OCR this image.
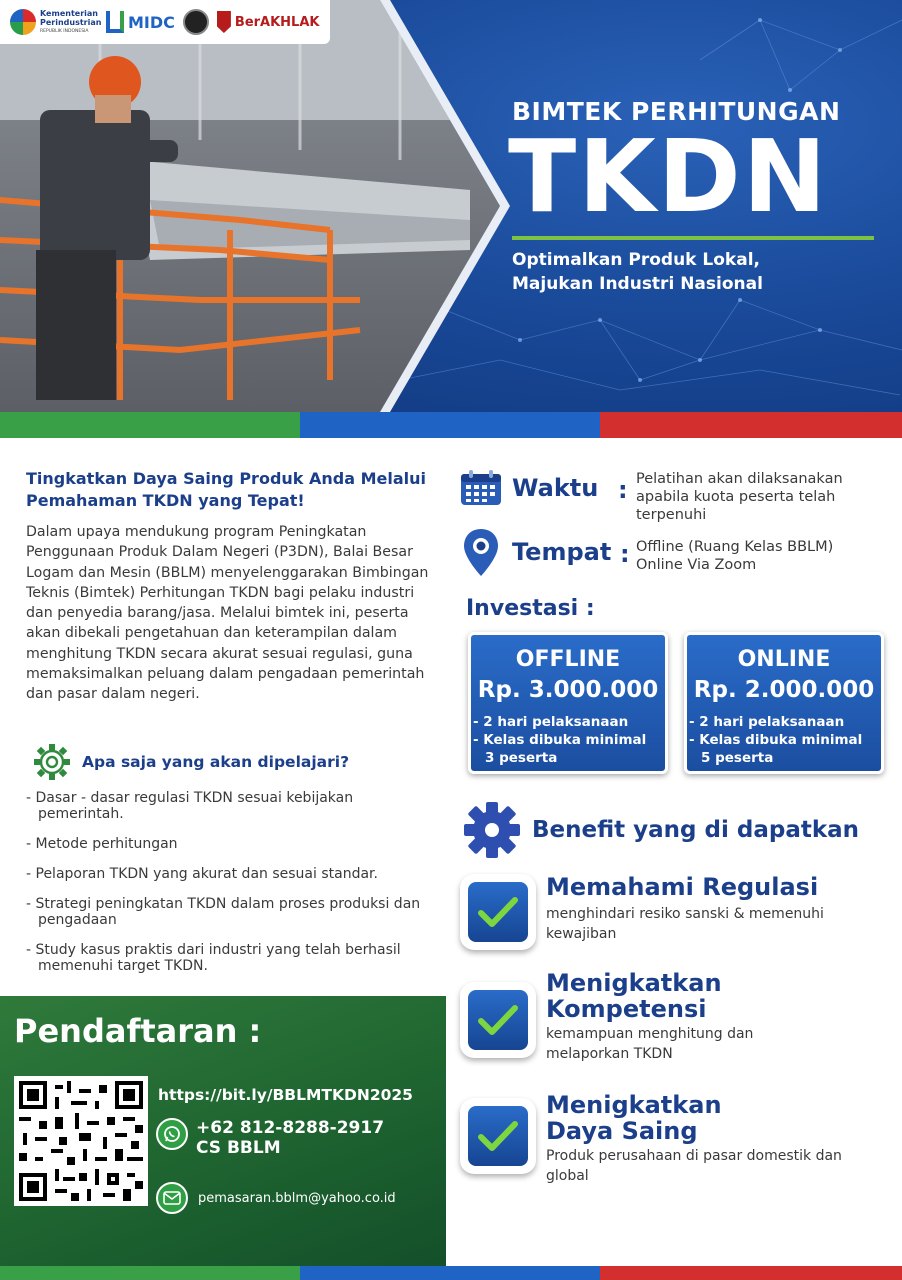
Kementerian Perindustrian
REPUBLIK INDONESIA	MIDC	BerAKHLAK
BIMTEK PERHITUNGAN
TKDN
Optimalkan Produk Lokal,
Majukan Industri Nasional
Tingkatkan Daya Saing Produk Anda Melalui Pemahaman TKDN yang Tepat!
Dalam upaya mendukung program Peningkatan Penggunaan Produk Dalam Negeri (P3DN), Balai Besar Logam dan Mesin (BBLM) menyelenggarakan Bimbingan Teknis (Bimtek) Perhitungan TKDN bagi pelaku industri dan penyedia barang/jasa. Melalui bimtek ini, peserta akan dibekali pengetahuan dan keterampilan dalam menghitung TKDN secara akurat sesuai regulasi, guna memaksimalkan peluang dalam pengadaan pemerintah dan pasar dalam negeri.
Apa saja yang akan dipelajari?
- Dasar - dasar regulasi TKDN sesuai kebijakan pemerintah.
- Metode perhitungan
- Pelaporan TKDN yang akurat dan sesuai standar.
- Strategi peningkatan TKDN dalam proses produksi dan pengadaan
- Study kasus praktis dari industri yang telah berhasil memenuhi target TKDN.
Pendaftaran :
https://bit.ly/BBLMTKDN2025
+62 812-8288-2917
CS BBLM
pemasaran.bblm@yahoo.co.id
Waktu : Pelatihan akan dilaksanakan apabila kuota peserta telah terpenuhi
Tempat : Offline (Ruang Kelas BBLM)
Online Via Zoom
Investasi :
OFFLINE
Rp. 3.000.000
- 2 hari pelaksanaan
- Kelas dibuka minimal
3 peserta
ONLINE
Rp. 2.000.000
- 2 hari pelaksanaan
- Kelas dibuka minimal
5 peserta
Benefit yang di dapatkan
Memahami Regulasi
menghindari resiko sanski & memenuhi kewajiban
Menigkatkan Kompetensi
kemampuan menghitung dan melaporkan TKDN
Menigkatkan Daya Saing
Produk perusahaan di pasar domestik dan global
